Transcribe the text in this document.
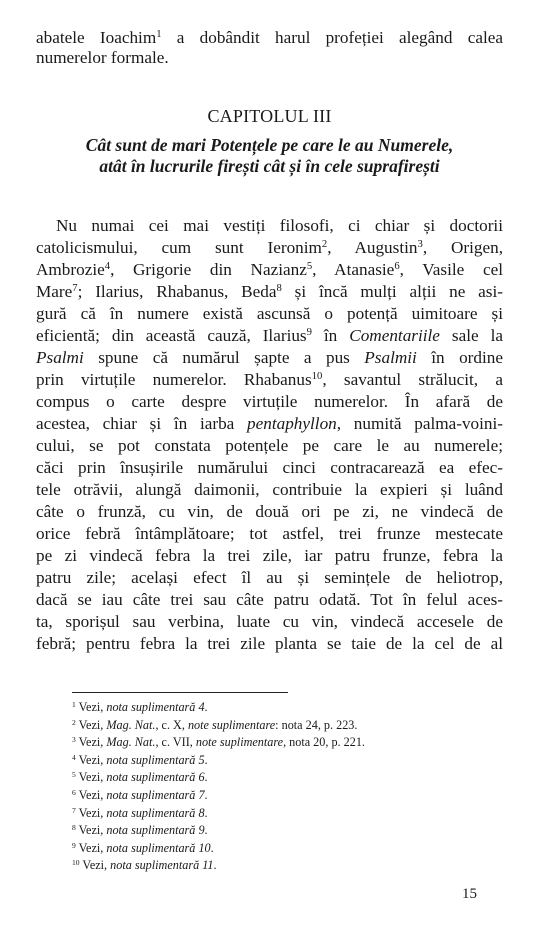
abatele Ioachim$^1$ a dobândit harul profeției alegând calea
numerelor formale.
CAPITOLUL III
Cât sunt de mari Potențele pe care le au Numerele,
atât în lucrurile firești cât și în cele suprafirești
Nu numai cei mai vestiți filosofi, ci chiar și doctorii
catolicismului, cum sunt Ieronim$^2$, Augustin$^3$, Origen,
Ambrozie$^4$, Grigorie din Nazianz$^5$, Atanasie$^6$, Vasile cel
Mare$^7$; Ilarius, Rhabanus, Beda$^8$ și încă mulți alții ne asi-
gură că în numere există ascunsă o potență uimitoare și
eficientă; din această cauză, Ilarius$^9$ în Comentariile sale la
Psalmi spune că numărul șapte a pus Psalmii în ordine
prin virtuțile numerelor. Rhabanus$^{10}$, savantul strălucit, a
compus o carte despre virtuțile numerelor. În afară de
acestea, chiar și în iarba pentaphyllon, numită palma-voini-
cului, se pot constata potențele pe care le au numerele;
căci prin însușirile numărului cinci contracarează ea efec-
tele otrăvii, alungă daimonii, contribuie la expieri și luând
câte o frunză, cu vin, de două ori pe zi, ne vindecă de
orice febră întâmplătoare; tot astfel, trei frunze mestecate
pe zi vindecă febra la trei zile, iar patru frunze, febra la
patru zile; același efect îl au și semințele de heliotrop,
dacă se iau câte trei sau câte patru odată. Tot în felul aces-
ta, sporișul sau verbina, luate cu vin, vindecă accesele de
febră; pentru febra la trei zile planta se taie de la cel de al
$^1$ Vezi, nota suplimentară 4.
$^2$ Vezi, Mag. Nat., c. X, note suplimentare: nota 24, p. 223.
$^3$ Vezi, Mag. Nat., c. VII, note suplimentare, nota 20, p. 221.
$^4$ Vezi, nota suplimentară 5.
$^5$ Vezi, nota suplimentară 6.
$^6$ Vezi, nota suplimentară 7.
$^7$ Vezi, nota suplimentară 8.
$^8$ Vezi, nota suplimentară 9.
$^9$ Vezi, nota suplimentară 10.
$^{10}$ Vezi, nota suplimentară 11.
15
